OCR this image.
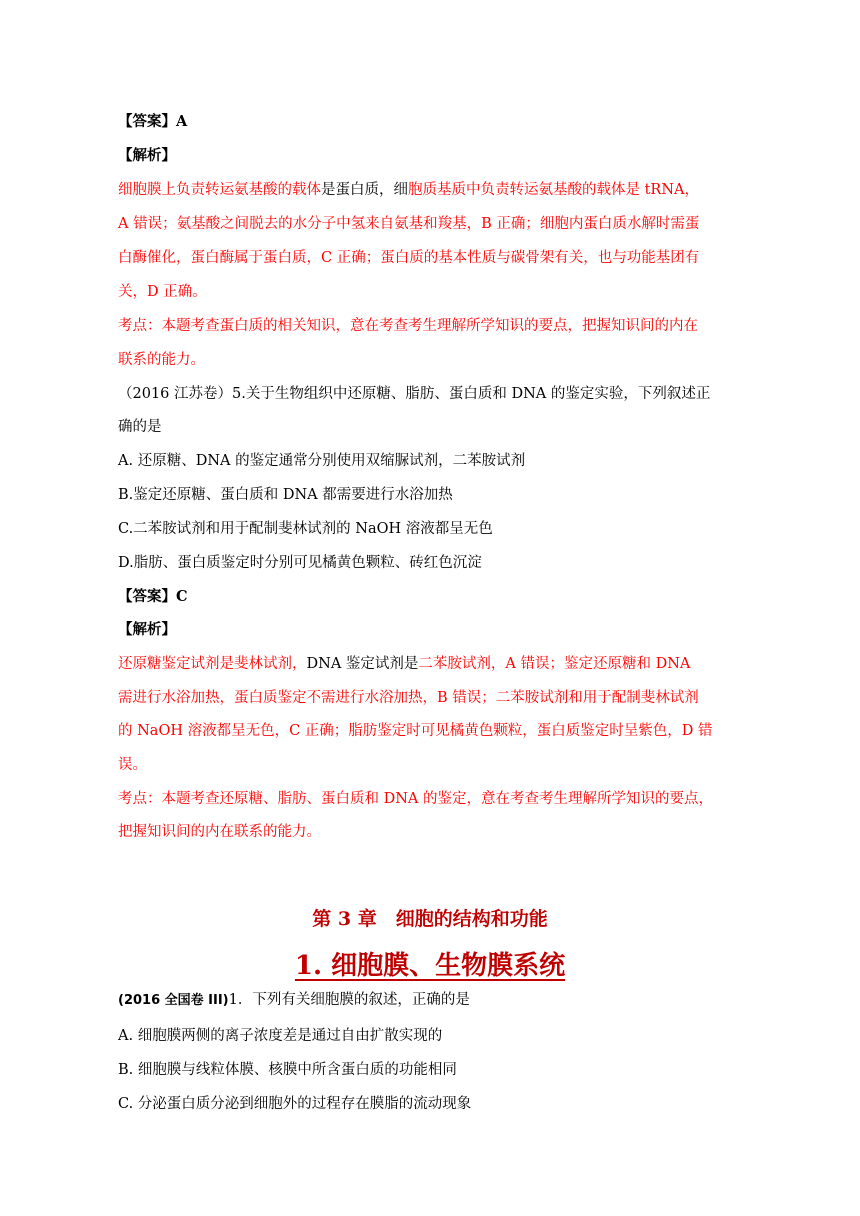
【答案】A
【解析】
细胞膜上负责转运氨基酸的载体是蛋白质，细胞质基质中负责转运氨基酸的载体是 tRNA，
A 错误；氨基酸之间脱去的水分子中氢来自氨基和羧基，B 正确；细胞内蛋白质水解时需蛋
白酶催化，蛋白酶属于蛋白质，C 正确；蛋白质的基本性质与碳骨架有关，也与功能基团有
关，D 正确。
考点：本题考查蛋白质的相关知识，意在考查考生理解所学知识的要点，把握知识间的内在
联系的能力。
（2016 江苏卷）5.关于生物组织中还原糖、脂肪、蛋白质和 DNA 的鉴定实验，下列叙述正
确的是
A. 还原糖、DNA 的鉴定通常分别使用双缩脲试剂，二苯胺试剂
B.鉴定还原糖、蛋白质和 DNA 都需要进行水浴加热
C.二苯胺试剂和用于配制斐林试剂的 NaOH 溶液都呈无色
D.脂肪、蛋白质鉴定时分别可见橘黄色颗粒、砖红色沉淀
【答案】C
【解析】
还原糖鉴定试剂是斐林试剂，DNA 鉴定试剂是二苯胺试剂，A 错误；鉴定还原糖和 DNA
需进行水浴加热，蛋白质鉴定不需进行水浴加热，B 错误；二苯胺试剂和用于配制斐林试剂
的 NaOH 溶液都呈无色，C 正确；脂肪鉴定时可见橘黄色颗粒，蛋白质鉴定时呈紫色，D 错
误。
考点：本题考查还原糖、脂肪、蛋白质和 DNA 的鉴定，意在考查考生理解所学知识的要点，
把握知识间的内在联系的能力。
第 3 章　细胞的结构和功能
1. 细胞膜、生物膜系统
(2016 全国卷 III)1．下列有关细胞膜的叙述，正确的是
A. 细胞膜两侧的离子浓度差是通过自由扩散实现的
B. 细胞膜与线粒体膜、核膜中所含蛋白质的功能相同
C. 分泌蛋白质分泌到细胞外的过程存在膜脂的流动现象
